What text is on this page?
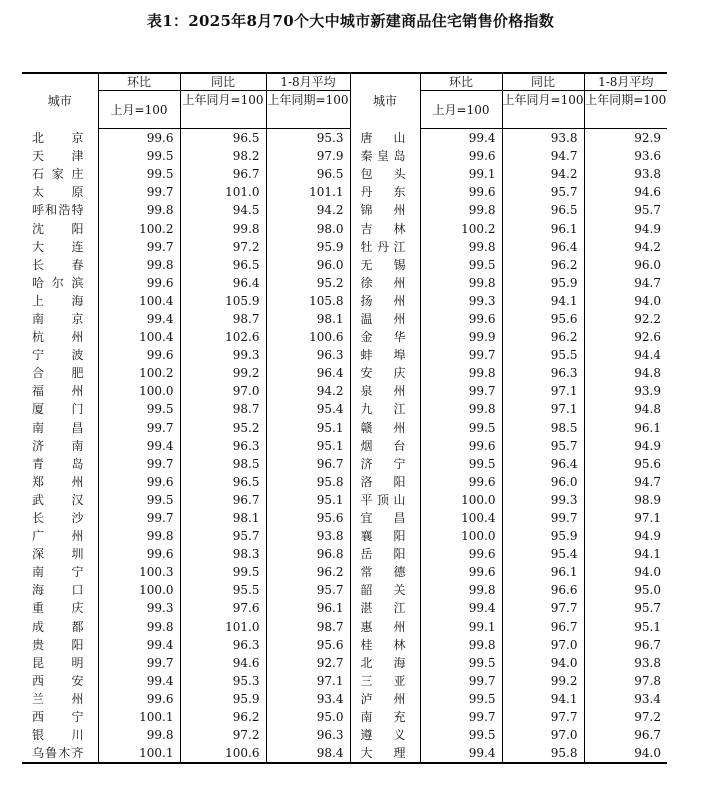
表1：2025年8月70个大中城市新建商品住宅销售价格指数
城市	环比	同比	1-8月平均	城市	环比	同比	1-8月平均
	上月=100	上年同月=100	上年同期=100		上月=100	上年同月=100	上年同期=100
北京	99.6	96.5	95.3	唐山	99.4	93.8	92.9
天津	99.5	98.2	97.9	秦皇岛	99.6	94.7	93.6
石家庄	99.5	96.7	96.5	包头	99.1	94.2	93.8
太原	99.7	101.0	101.1	丹东	99.6	95.7	94.6
呼和浩特	99.8	94.5	94.2	锦州	99.8	96.5	95.7
沈阳	100.2	99.8	98.0	吉林	100.2	96.1	94.9
大连	99.7	97.2	95.9	牡丹江	99.8	96.4	94.2
长春	99.8	96.5	96.0	无锡	99.5	96.2	96.0
哈尔滨	99.6	96.4	95.2	徐州	99.8	95.9	94.7
上海	100.4	105.9	105.8	扬州	99.3	94.1	94.0
南京	99.4	98.7	98.1	温州	99.6	95.6	92.2
杭州	100.4	102.6	100.6	金华	99.9	96.2	92.6
宁波	99.6	99.3	96.3	蚌埠	99.7	95.5	94.4
合肥	100.2	99.2	96.4	安庆	99.8	96.3	94.8
福州	100.0	97.0	94.2	泉州	99.7	97.1	93.9
厦门	99.5	98.7	95.4	九江	99.8	97.1	94.8
南昌	99.7	95.2	95.1	赣州	99.5	98.5	96.1
济南	99.4	96.3	95.1	烟台	99.6	95.7	94.9
青岛	99.7	98.5	96.7	济宁	99.5	96.4	95.6
郑州	99.6	96.5	95.8	洛阳	99.6	96.0	94.7
武汉	99.5	96.7	95.1	平顶山	100.0	99.3	98.9
长沙	99.7	98.1	95.6	宜昌	100.4	99.7	97.1
广州	99.8	95.7	93.8	襄阳	100.0	95.9	94.9
深圳	99.6	98.3	96.8	岳阳	99.6	95.4	94.1
南宁	100.3	99.5	96.2	常德	99.6	96.1	94.0
海口	100.0	95.5	95.7	韶关	99.8	96.6	95.0
重庆	99.3	97.6	96.1	湛江	99.4	97.7	95.7
成都	99.8	101.0	98.7	惠州	99.1	96.7	95.1
贵阳	99.4	96.3	95.6	桂林	99.8	97.0	96.7
昆明	99.7	94.6	92.7	北海	99.5	94.0	93.8
西安	99.4	95.3	97.1	三亚	99.7	99.2	97.8
兰州	99.6	95.9	93.4	泸州	99.5	94.1	93.4
西宁	100.1	96.2	95.0	南充	99.7	97.7	97.2
银川	99.8	97.2	96.3	遵义	99.5	97.0	96.7
乌鲁木齐	100.1	100.6	98.4	大理	99.4	95.8	94.0
